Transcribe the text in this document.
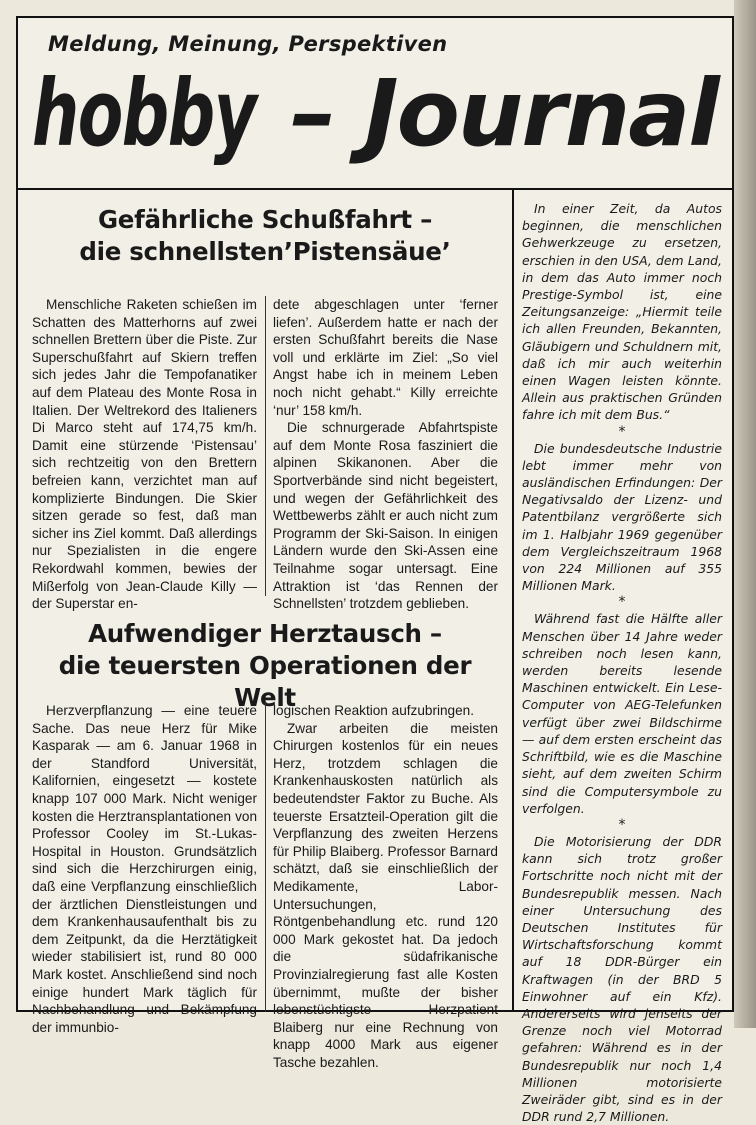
Meldung, Meinung, Perspektiven
hobby – Journal
Gefährliche Schußfahrt –
die schnellsten’Pistensäue’

Menschliche Raketen schießen im Schatten des Matterhorns auf zwei schnellen Brettern über die Piste. Zur Superschußfahrt auf Skiern treffen sich jedes Jahr die Tempofanatiker auf dem Plateau des Monte Rosa in Italien. Der Weltrekord des Italieners Di Marco steht auf 174,75 km/h. Damit eine stürzende ‘Pistensau’ sich rechtzeitig von den Brettern befreien kann, verzichtet man auf komplizierte Bindungen. Die Skier sitzen gerade so fest, daß man sicher ins Ziel kommt. Daß allerdings nur Spezialisten in die engere Rekordwahl kommen, bewies der Mißerfolg von Jean-Claude Killy — der Superstar en-

dete abgeschlagen unter ‘ferner liefen’. Außerdem hatte er nach der ersten Schußfahrt bereits die Nase voll und erklärte im Ziel: „So viel Angst habe ich in meinem Leben noch nicht gehabt.“ Killy erreichte ‘nur’ 158 km/h.

Die schnurgerade Abfahrtspiste auf dem Monte Rosa fasziniert die alpinen Skikanonen. Aber die Sportverbände sind nicht begeistert, und wegen der Gefährlichkeit des Wettbewerbs zählt er auch nicht zum Programm der Ski-Saison. In einigen Ländern wurde den Ski-Assen eine Teilnahme sogar untersagt. Eine Attraktion ist ‘das Rennen der Schnellsten’ trotzdem geblieben.

Aufwendiger Herztausch –
die teuersten Operationen der Welt

Herzverpflanzung — eine teuere Sache. Das neue Herz für Mike Kasparak — am 6. Januar 1968 in der Standford Universität, Kalifornien, eingesetzt — kostete knapp 107 000 Mark. Nicht weniger kosten die Herztransplantationen von Professor Cooley im St.-Lukas-Hospital in Houston. Grundsätzlich sind sich die Herzchirurgen einig, daß eine Verpflanzung einschließlich der ärztlichen Dienstleistungen und dem Krankenhausaufenthalt bis zu dem Zeitpunkt, da die Herztätigkeit wieder stabilisiert ist, rund 80 000 Mark kostet. Anschließend sind noch einige hundert Mark täglich für Nachbehandlung und Bekämpfung der immunbio-

logischen Reaktion aufzubringen.

Zwar arbeiten die meisten Chirurgen kostenlos für ein neues Herz, trotzdem schlagen die Krankenhauskosten natürlich als bedeutendster Faktor zu Buche. Als teuerste Ersatzteil-Operation gilt die Verpflanzung des zweiten Herzens für Philip Blaiberg. Professor Barnard schätzt, daß sie einschließlich der Medikamente, Labor-Untersuchungen, Röntgenbehandlung etc. rund 120 000 Mark gekostet hat. Da jedoch die südafrikanische Provinzialregierung fast alle Kosten übernimmt, mußte der bisher lebenstüchtigste Herzpatient Blaiberg nur eine Rechnung von knapp 4000 Mark aus eigener Tasche bezahlen.

In einer Zeit, da Autos beginnen, die menschlichen Gehwerkzeuge zu ersetzen, erschien in den USA, dem Land, in dem das Auto immer noch Prestige-Symbol ist, eine Zeitungsanzeige: „Hiermit teile ich allen Freunden, Bekannten, Gläubigern und Schuldnern mit, daß ich mir auch weiterhin einen Wagen leisten könnte. Allein aus praktischen Gründen fahre ich mit dem Bus.“

*

Die bundesdeutsche Industrie lebt immer mehr von ausländischen Erfindungen: Der Negativsaldo der Lizenz- und Patentbilanz vergrößerte sich im 1. Halbjahr 1969 gegenüber dem Vergleichszeitraum 1968 von 224 Millionen auf 355 Millionen Mark.

*

Während fast die Hälfte aller Menschen über 14 Jahre weder schreiben noch lesen kann, werden bereits lesende Maschinen entwickelt. Ein Lese-Computer von AEG-Telefunken verfügt über zwei Bildschirme — auf dem ersten erscheint das Schriftbild, wie es die Maschine sieht, auf dem zweiten Schirm sind die Computersymbole zu verfolgen.

*

Die Motorisierung der DDR kann sich trotz großer Fortschritte noch nicht mit der Bundesrepublik messen. Nach einer Untersuchung des Deutschen Institutes für Wirtschaftsforschung kommt auf 18 DDR-Bürger ein Kraftwagen (in der BRD 5 Einwohner auf ein Kfz). Andererseits wird jenseits der Grenze noch viel Motorrad gefahren: Während es in der Bundesrepublik nur noch 1,4 Millionen motorisierte Zweiräder gibt, sind es in der DDR rund 2,7 Millionen.
